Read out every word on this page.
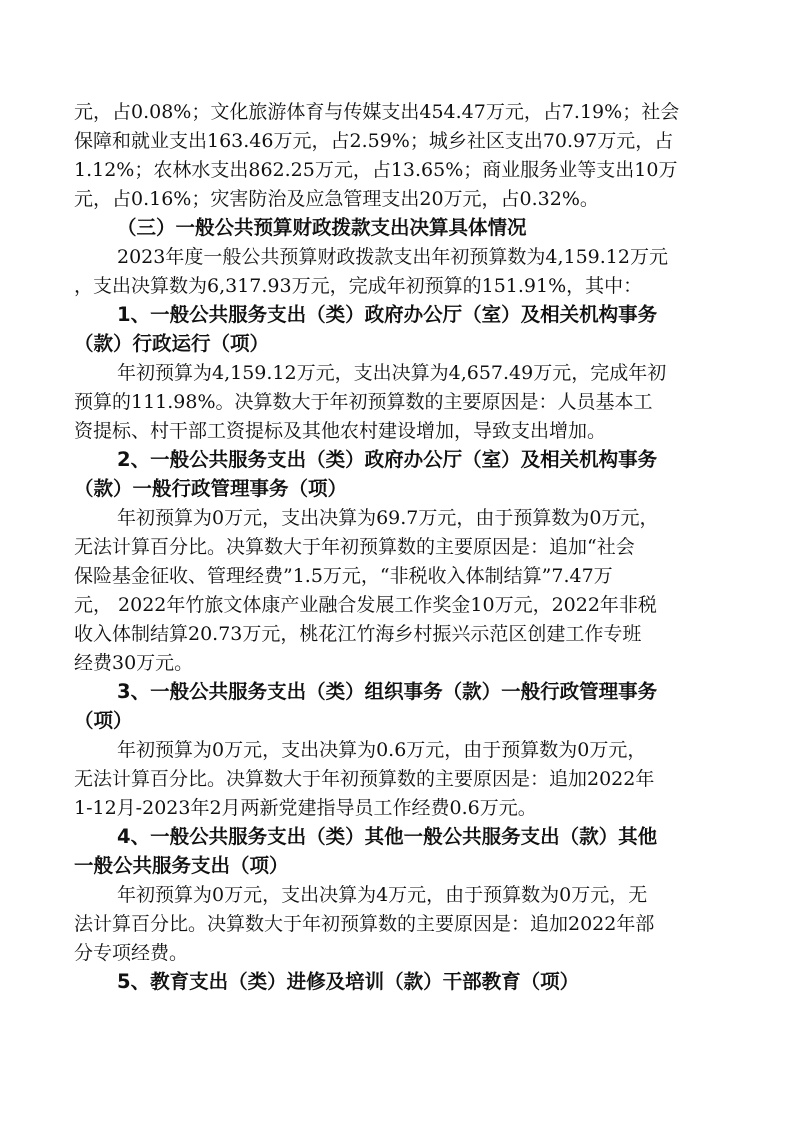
元，占0.08%；文化旅游体育与传媒支出454.47万元，占7.19%；社会
保障和就业支出163.46万元，占2.59%；城乡社区支出70.97万元，占
1.12%；农林水支出862.25万元，占13.65%；商业服务业等支出10万
元，占0.16%；灾害防治及应急管理支出20万元，占0.32%。
（三）一般公共预算财政拨款支出决算具体情况
2023年度一般公共预算财政拨款支出年初预算数为4,159.12万元
，支出决算数为6,317.93万元，完成年初预算的151.91%，其中：
1、一般公共服务支出（类）政府办公厅（室）及相关机构事务
（款）行政运行（项）
年初预算为4,159.12万元，支出决算为4,657.49万元，完成年初
预算的111.98%。决算数大于年初预算数的主要原因是：人员基本工
资提标、村干部工资提标及其他农村建设增加，导致支出增加。
2、一般公共服务支出（类）政府办公厅（室）及相关机构事务
（款）一般行政管理事务（项）
年初预算为0万元，支出决算为69.7万元，由于预算数为0万元，
无法计算百分比。决算数大于年初预算数的主要原因是：追加“社会
保险基金征收、管理经费”1.5万元，“非税收入体制结算”7.47万
元， 2022年竹旅文体康产业融合发展工作奖金10万元，2022年非税
收入体制结算20.73万元，桃花江竹海乡村振兴示范区创建工作专班
经费30万元。
3、一般公共服务支出（类）组织事务（款）一般行政管理事务
（项）
年初预算为0万元，支出决算为0.6万元，由于预算数为0万元，
无法计算百分比。决算数大于年初预算数的主要原因是：追加2022年
1-12月-2023年2月两新党建指导员工作经费0.6万元。
4、一般公共服务支出（类）其他一般公共服务支出（款）其他
一般公共服务支出（项）
年初预算为0万元，支出决算为4万元，由于预算数为0万元，无
法计算百分比。决算数大于年初预算数的主要原因是：追加2022年部
分专项经费。
5、教育支出（类）进修及培训（款）干部教育（项）
